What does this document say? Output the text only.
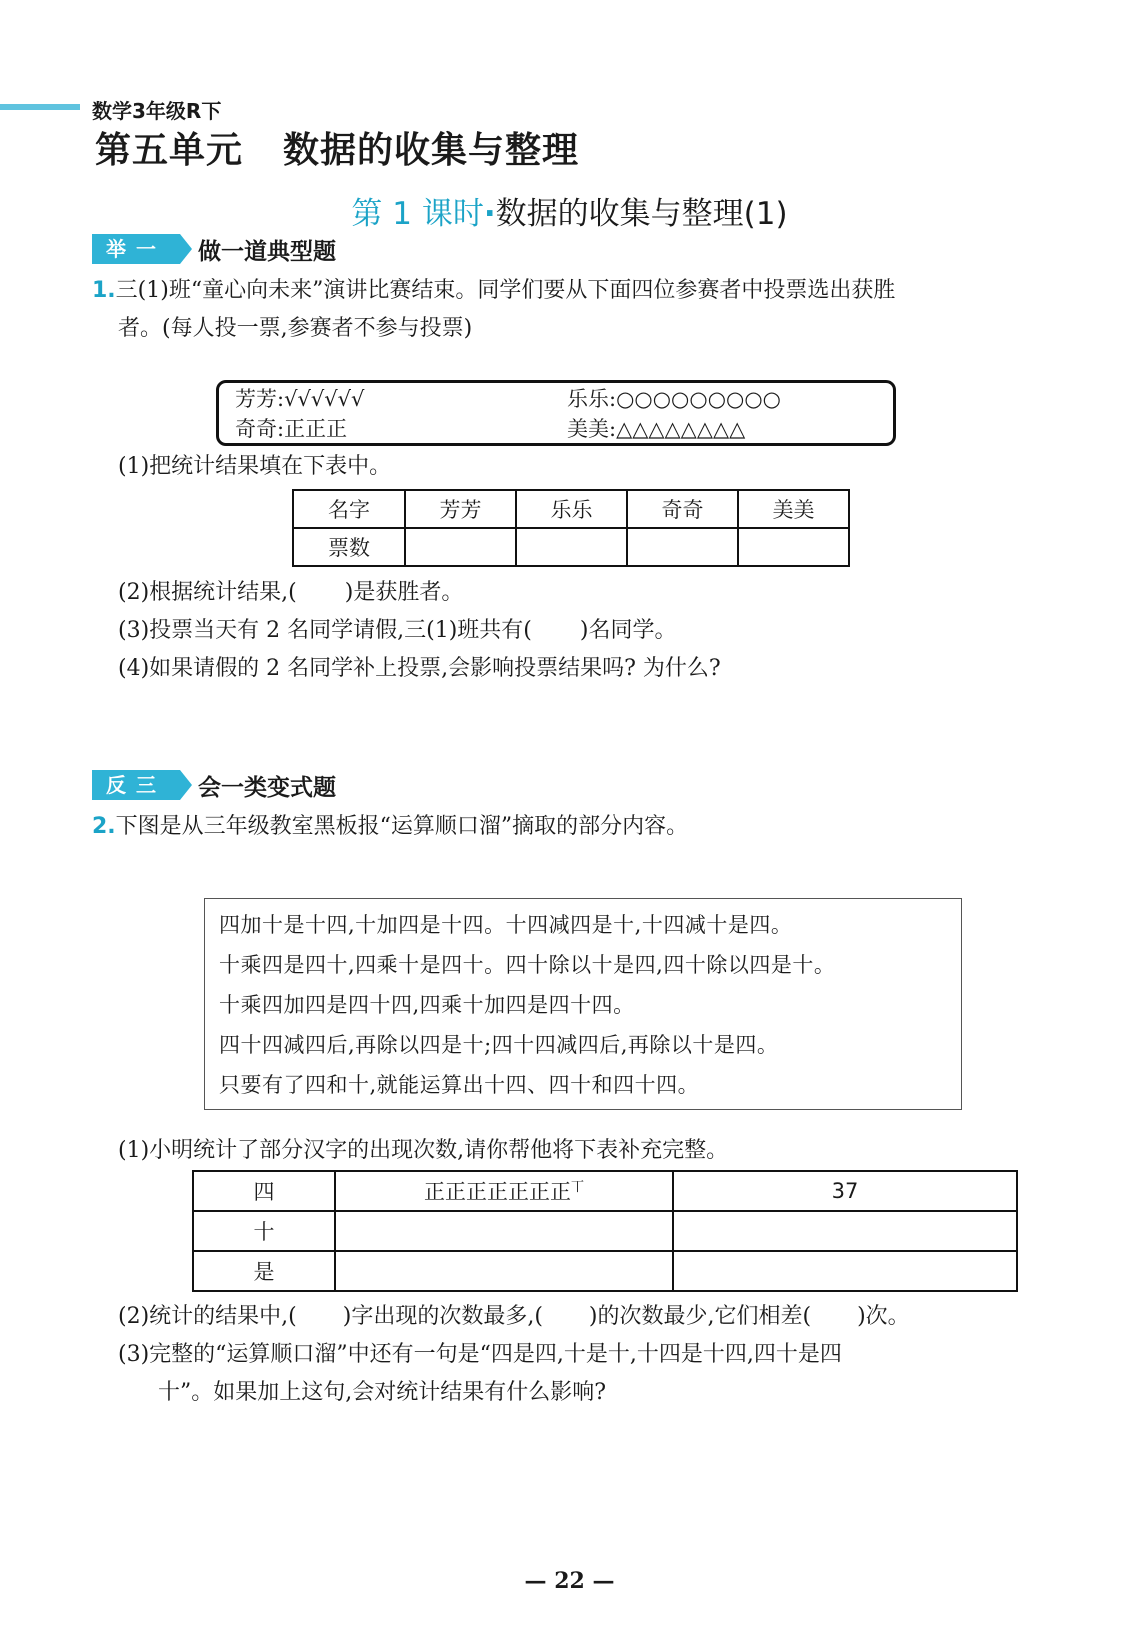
数学3年级R下
第五单元 数据的收集与整理
第 1 课时·数据的收集与整理(1)
举一	做一道典型题
1.三(1)班“童心向未来”演讲比赛结束。同学们要从下面四位参赛者中投票选出获胜
者。(每人投一票,参赛者不参与投票)
芳芳:√√√√√√	乐乐:○○○○○○○○○
奇奇:正正正	美美:△△△△△△△△
(1)把统计结果填在下表中。
名字	芳芳	乐乐	奇奇	美美
票数				
(2)根据统计结果,( )是获胜者。
(3)投票当天有 2 名同学请假,三(1)班共有( )名同学。
(4)如果请假的 2 名同学补上投票,会影响投票结果吗? 为什么?
反三	会一类变式题
2.下图是从三年级教室黑板报“运算顺口溜”摘取的部分内容。
四加十是十四,十加四是十四。十四减四是十,十四减十是四。
十乘四是四十,四乘十是四十。四十除以十是四,四十除以四是十。
十乘四加四是四十四,四乘十加四是四十四。
四十四减四后,再除以四是十;四十四减四后,再除以十是四。
只要有了四和十,就能运算出十四、四十和四十四。
(1)小明统计了部分汉字的出现次数,请你帮他将下表补充完整。
四	正正正正正正正$^丅$	37
十		
是		
(2)统计的结果中,( )字出现的次数最多,( )的次数最少,它们相差( )次。
(3)完整的“运算顺口溜”中还有一句是“四是四,十是十,十四是十四,四十是四
十”。如果加上这句,会对统计结果有什么影响?
— 22 —
